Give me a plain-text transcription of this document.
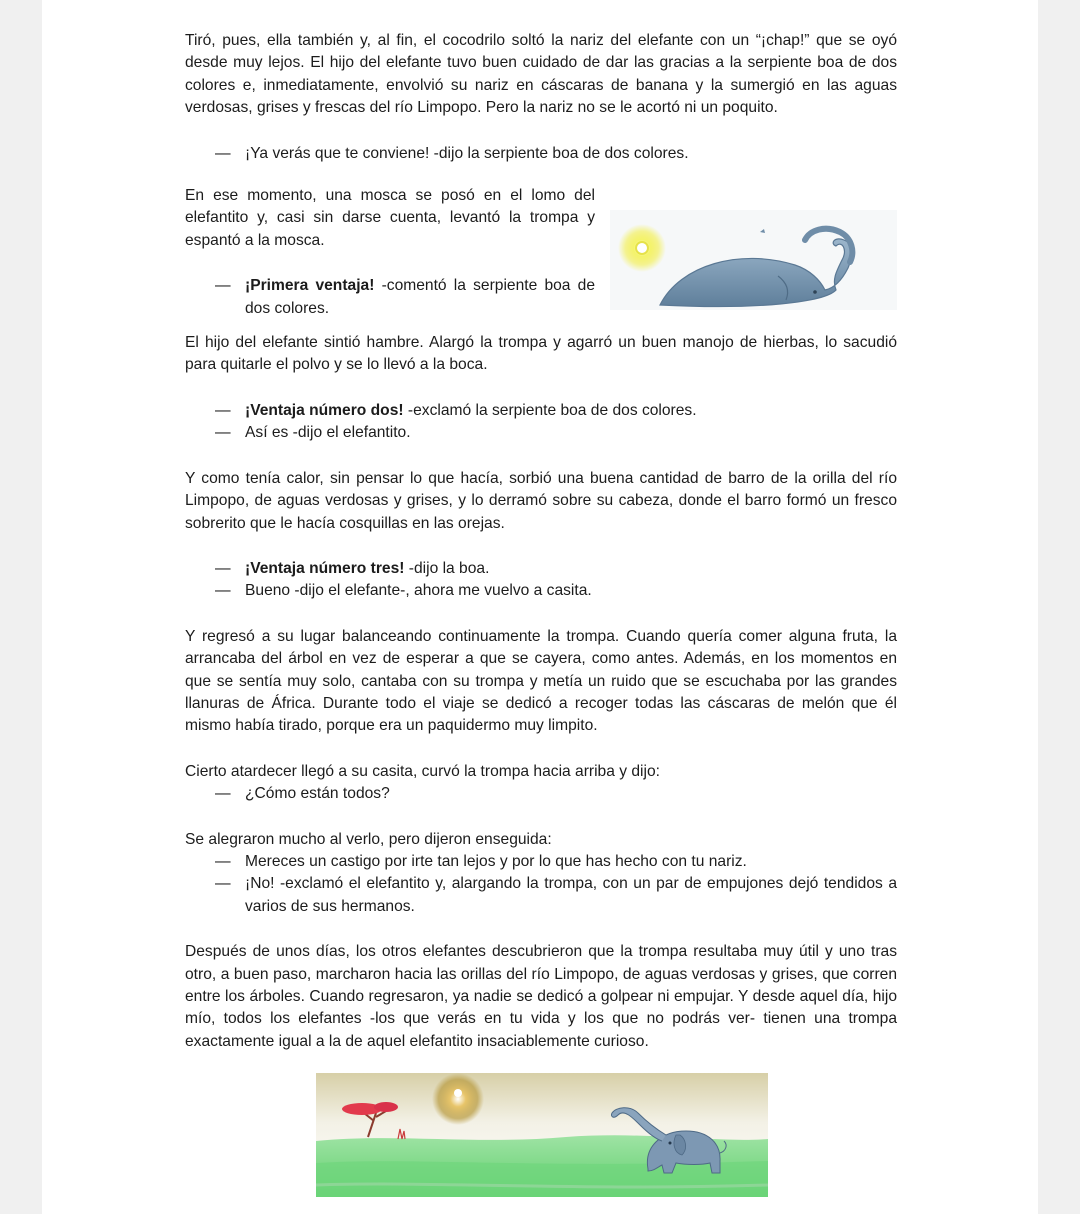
Tiró, pues, ella también y, al fin, el cocodrilo soltó la nariz del elefante con un “¡chap!” que se oyó desde muy lejos. El hijo del elefante tuvo buen cuidado de dar las gracias a la serpiente boa de dos colores e, inmediatamente, envolvió su nariz en cáscaras de banana y la sumergió en las aguas verdosas, grises y frescas del río Limpopo. Pero la nariz no se le acortó ni un poquito.

— ¡Ya verás que te conviene! -dijo la serpiente boa de dos colores.

En ese momento, una mosca se posó en el lomo del elefantito y, casi sin darse cuenta, levantó la trompa y espantó a la mosca.

— ¡Primera ventaja! -comentó la serpiente boa de dos colores.

El hijo del elefante sintió hambre. Alargó la trompa y agarró un buen manojo de hierbas, lo sacudió para quitarle el polvo y se lo llevó a la boca.

— ¡Ventaja número dos! -exclamó la serpiente boa de dos colores.
— Así es -dijo el elefantito.

Y como tenía calor, sin pensar lo que hacía, sorbió una buena cantidad de barro de la orilla del río Limpopo, de aguas verdosas y grises, y lo derramó sobre su cabeza, donde el barro formó un fresco sobrerito que le hacía cosquillas en las orejas.

— ¡Ventaja número tres! -dijo la boa.
— Bueno -dijo el elefante-, ahora me vuelvo a casita.

Y regresó a su lugar balanceando continuamente la trompa. Cuando quería comer alguna fruta, la arrancaba del árbol en vez de esperar a que se cayera, como antes. Además, en los momentos en que se sentía muy solo, cantaba con su trompa y metía un ruido que se escuchaba por las grandes llanuras de África. Durante todo el viaje se dedicó a recoger todas las cáscaras de melón que él mismo había tirado, porque era un paquidermo muy limpito.

Cierto atardecer llegó a su casita, curvó la trompa hacia arriba y dijo:

— ¿Cómo están todos?

Se alegraron mucho al verlo, pero dijeron enseguida:

— Mereces un castigo por irte tan lejos y por lo que has hecho con tu nariz.
— ¡No! -exclamó el elefantito y, alargando la trompa, con un par de empujones dejó tendidos a varios de sus hermanos.

Después de unos días, los otros elefantes descubrieron que la trompa resultaba muy útil y uno tras otro, a buen paso, marcharon hacia las orillas del río Limpopo, de aguas verdosas y grises, que corren entre los árboles. Cuando regresaron, ya nadie se dedicó a golpear ni empujar. Y desde aquel día, hijo mío, todos los elefantes -los que verás en tu vida y los que no podrás ver- tienen una trompa exactamente igual a la de aquel elefantito insaciablemente curioso.
